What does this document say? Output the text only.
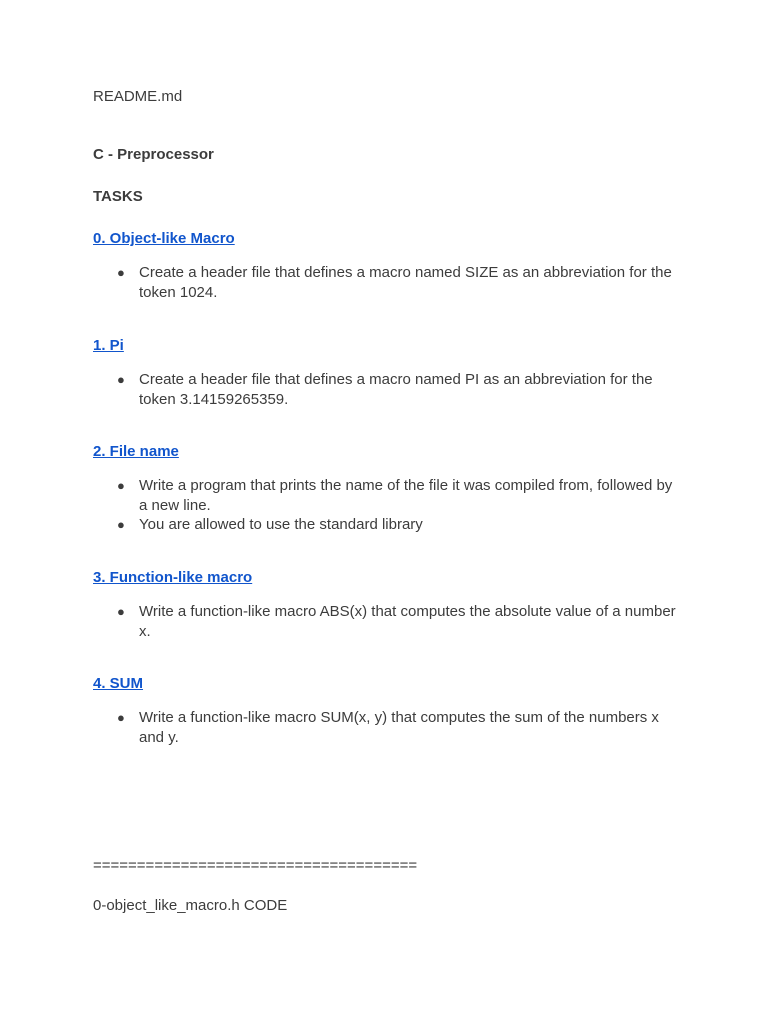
README.md
C - Preprocessor
TASKS
0. Object-like Macro
● Create a header file that defines a macro named SIZE as an abbreviation for the token 1024.
1. Pi
● Create a header file that defines a macro named PI as an abbreviation for the token 3.14159265359.
2. File name
● Write a program that prints the name of the file it was compiled from, followed by a new line.
● You are allowed to use the standard library
3. Function-like macro
● Write a function-like macro ABS(x) that computes the absolute value of a number x.
4. SUM
● Write a function-like macro SUM(x, y) that computes the sum of the numbers x and y.
=====================================
0-object_like_macro.h CODE
